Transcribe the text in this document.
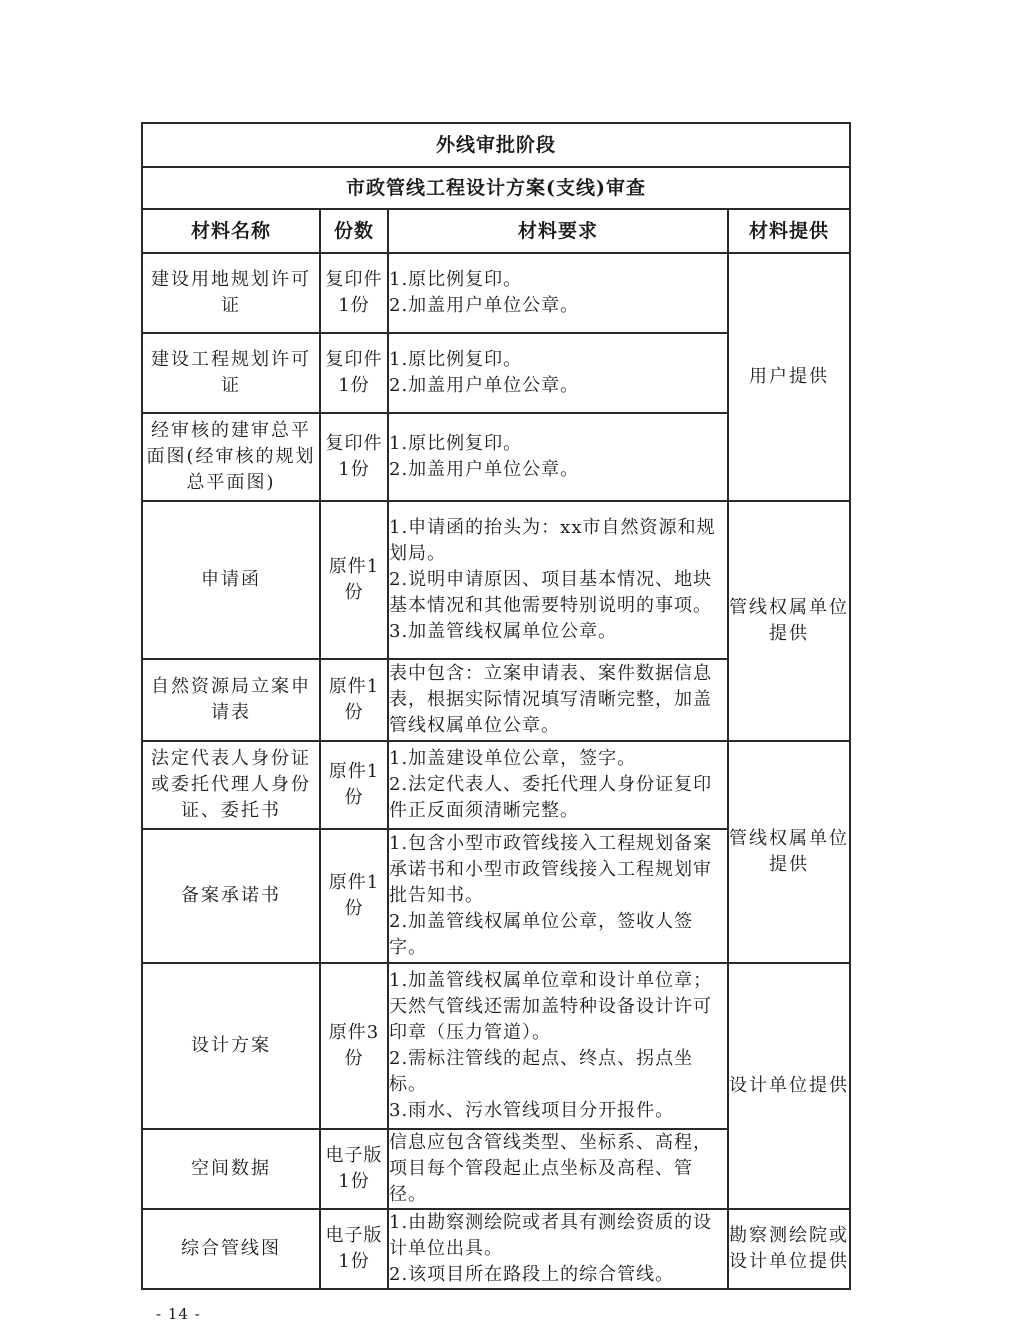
外线审批阶段			
市政管线工程设计方案(支线)审查			
材料名称	份数	材料要求	材料提供
建设用地规划许可证	复印件1份	1.原比例复印。
2.加盖用户单位公章。	用户提供
建设工程规划许可证	复印件1份	1.原比例复印。
2.加盖用户单位公章。	

经审核的建审总平面图(经审核的规划总平面图)	复印件1份	1.原比例复印。
2.加盖用户单位公章。	

申请函	原件1份	1.申请函的抬头为：xx市自然资源和规划局。
2.说明申请原因、项目基本情况、地块基本情况和其他需要特别说明的事项。
3.加盖管线权属单位公章。	管线权属单位提供
自然资源局立案申请表	原件1份	表中包含：立案申请表、案件数据信息表，根据实际情况填写清晰完整，加盖管线权属单位公章。	

法定代表人身份证或委托代理人身份证、委托书	原件1份	1.加盖建设单位公章，签字。
2.法定代表人、委托代理人身份证复印件正反面须清晰完整。	管线权属单位提供
备案承诺书	原件1份	1.包含小型市政管线接入工程规划备案承诺书和小型市政管线接入工程规划审批告知书。
2.加盖管线权属单位公章，签收人签字。	

设计方案	原件3份	1.加盖管线权属单位章和设计单位章；天然气管线还需加盖特种设备设计许可印章（压力管道）。
2.需标注管线的起点、终点、拐点坐标。
3.雨水、污水管线项目分开报件。	设计单位提供
空间数据	电子版1份	信息应包含管线类型、坐标系、高程，项目每个管段起止点坐标及高程、管径。	

综合管线图	电子版1份	1.由勘察测绘院或者具有测绘资质的设计单位出具。
2.该项目所在路段上的综合管线。	勘察测绘院或设计单位提供
- 14 -
